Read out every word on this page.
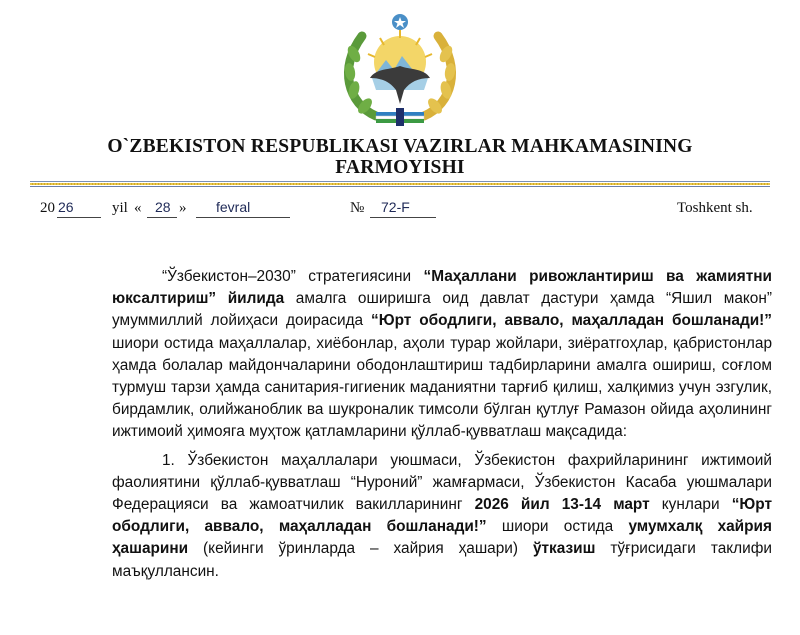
O`ZBEKISTON RESPUBLIKASI VAZIRLAR MAHKAMASINING
FARMOYISHI
20 26	yil « 28 » fevral	№ 72-F	Toshkent sh.

“Ўзбекистон–2030” стратегиясини “Маҳаллани ривожлантириш ва жамиятни юксалтириш” йилида амалга оширишга оид давлат дастури ҳамда “Яшил макон” умуммиллий лойиҳаси доирасида “Юрт ободлиги, аввало, маҳалладан бошланади!” шиори остида маҳаллалар, хиёбонлар, аҳоли турар жойлари, зиёратгоҳлар, қабристонлар ҳамда болалар майдончаларини ободонлаштириш тадбирларини амалга ошириш, соғлом турмуш тарзи ҳамда санитария-гигиеник маданиятни тарғиб қилиш, халқимиз учун эзгулик, бирдамлик, олийжанoблик ва шукроналик тимсоли бўлган қутлуғ Рамазон ойида аҳолининг ижтимоий ҳимояга муҳтож қатламларини қўллаб-қувватлаш мақсадида:

1. Ўзбекистон маҳаллалари уюшмаси, Ўзбекистон фахрийларининг ижтимоий фаолиятини қўллаб-қувватлаш “Нуроний” жамғармаси, Ўзбекистон Касаба уюшмалари Федерацияси ва жамоатчилик вакилларининг 2026 йил 13-14 март кунлари “Юрт ободлиги, аввало, маҳалладан бошланади!” шиори остида умумхалқ хайрия ҳашарини (кейинги ўринларда – хайрия ҳашари) ўтказиш тўғрисидаги таклифи маъқуллансин.
